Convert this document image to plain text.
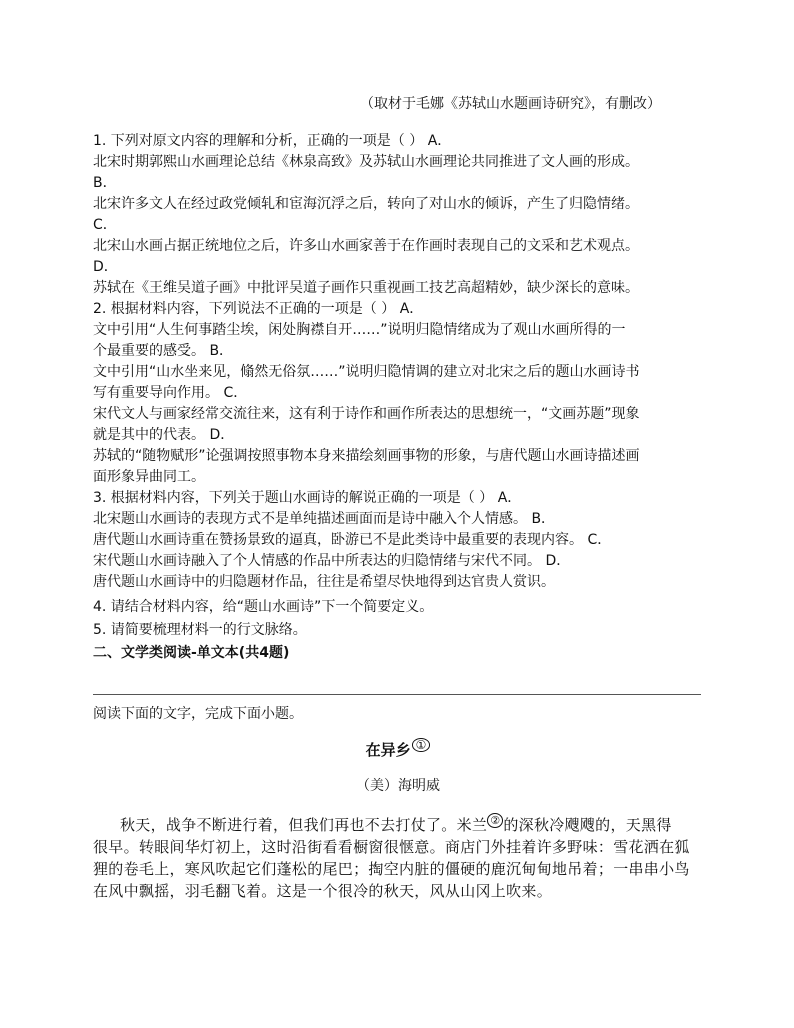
（取材于毛娜《苏轼山水题画诗研究》，有删改）
1. 下列对原文内容的理解和分析，正确的一项是（ ） A．
北宋时期郭熙山水画理论总结《林泉高致》及苏轼山水画理论共同推进了文人画的形成。
B．
北宋许多文人在经过政党倾轧和宦海沉浮之后，转向了对山水的倾诉，产生了归隐情绪。
C．
北宋山水画占据正统地位之后，许多山水画家善于在作画时表现自己的文采和艺术观点。
D．
苏轼在《王维吴道子画》中批评吴道子画作只重视画工技艺高超精妙，缺少深长的意味。
2. 根据材料内容，下列说法不正确的一项是（ ） A．
文中引用“人生何事踏尘埃，闲处胸襟自开……”说明归隐情绪成为了观山水画所得的一
个最重要的感受。 B．
文中引用“山水坐来见，翛然无俗氛……”说明归隐情调的建立对北宋之后的题山水画诗书
写有重要导向作用。 C．
宋代文人与画家经常交流往来，这有利于诗作和画作所表达的思想统一，“文画苏题”现象
就是其中的代表。 D．
苏轼的“随物赋形”论强调按照事物本身来描绘刻画事物的形象，与唐代题山水画诗描述画
面形象异曲同工。
3. 根据材料内容，下列关于题山水画诗的解说正确的一项是（ ） A．
北宋题山水画诗的表现方式不是单纯描述画面而是诗中融入个人情感。 B．
唐代题山水画诗重在赞扬景致的逼真，卧游已不是此类诗中最重要的表现内容。 C．
宋代题山水画诗融入了个人情感的作品中所表达的归隐情绪与宋代不同。 D．
唐代题山水画诗中的归隐题材作品，往往是希望尽快地得到达官贵人赏识。
4. 请结合材料内容，给“题山水画诗”下一个简要定义。
5. 请简要梳理材料一的行文脉络。
二、文学类阅读-单文本(共4题)
阅读下面的文字，完成下面小题。
在异乡 ①
（美）海明威
秋天，战争不断进行着，但我们再也不去打仗了。米兰 ② 的深秋冷飕飕的，天黑得
很早。转眼间华灯初上，这时沿街看看橱窗很惬意。商店门外挂着许多野味：雪花洒在狐
狸的卷毛上，寒风吹起它们蓬松的尾巴；掏空内脏的僵硬的鹿沉甸甸地吊着；一串串小鸟
在风中飘摇，羽毛翻飞着。这是一个很冷的秋天，风从山冈上吹来。
